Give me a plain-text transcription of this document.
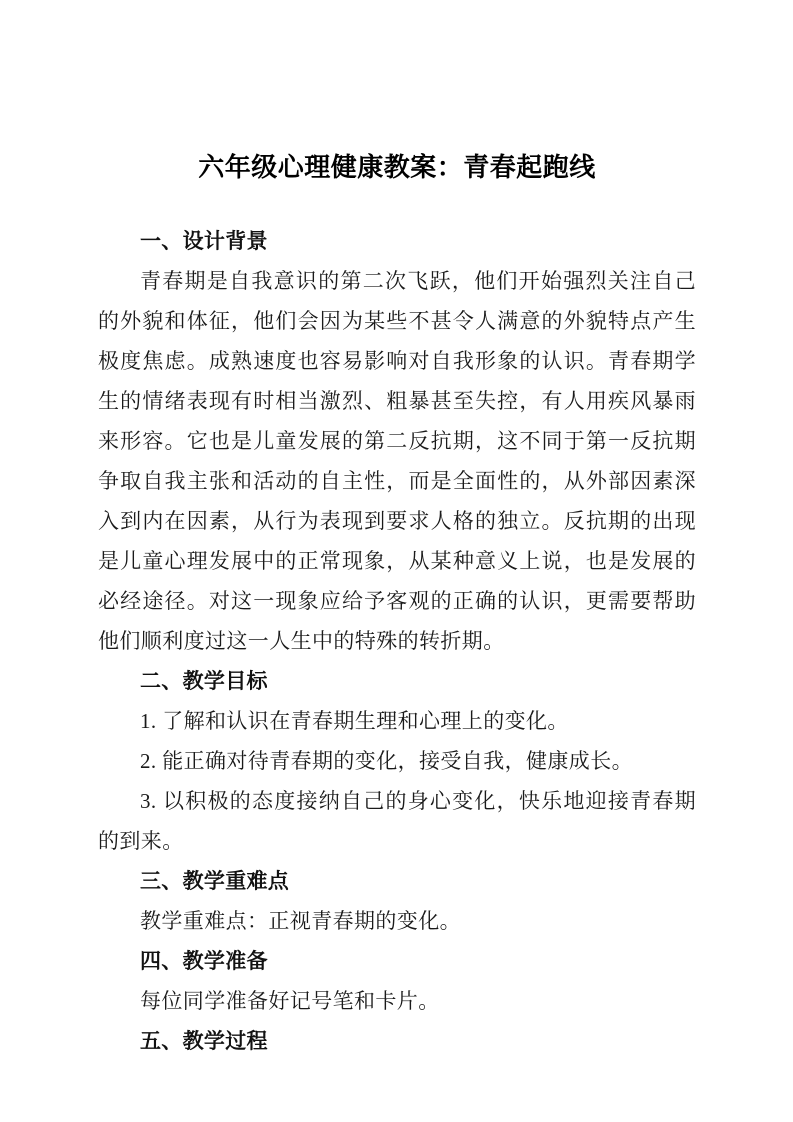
六年级心理健康教案：青春起跑线
一、设计背景

青春期是自我意识的第二次飞跃，他们开始强烈关注自己的外貌和体征，他们会因为某些不甚令人满意的外貌特点产生极度焦虑。成熟速度也容易影响对自我形象的认识。青春期学生的情绪表现有时相当激烈、粗暴甚至失控，有人用疾风暴雨来形容。它也是儿童发展的第二反抗期，这不同于第一反抗期争取自我主张和活动的自主性，而是全面性的，从外部因素深入到内在因素，从行为表现到要求人格的独立。反抗期的出现是儿童心理发展中的正常现象，从某种意义上说，也是发展的必经途径。对这一现象应给予客观的正确的认识，更需要帮助他们顺利度过这一人生中的特殊的转折期。

二、教学目标

1. 了解和认识在青春期生理和心理上的变化。

2. 能正确对待青春期的变化，接受自我，健康成长。

3. 以积极的态度接纳自己的身心变化，快乐地迎接青春期的到来。

三、教学重难点

教学重难点：正视青春期的变化。

四、教学准备

每位同学准备好记号笔和卡片。

五、教学过程
